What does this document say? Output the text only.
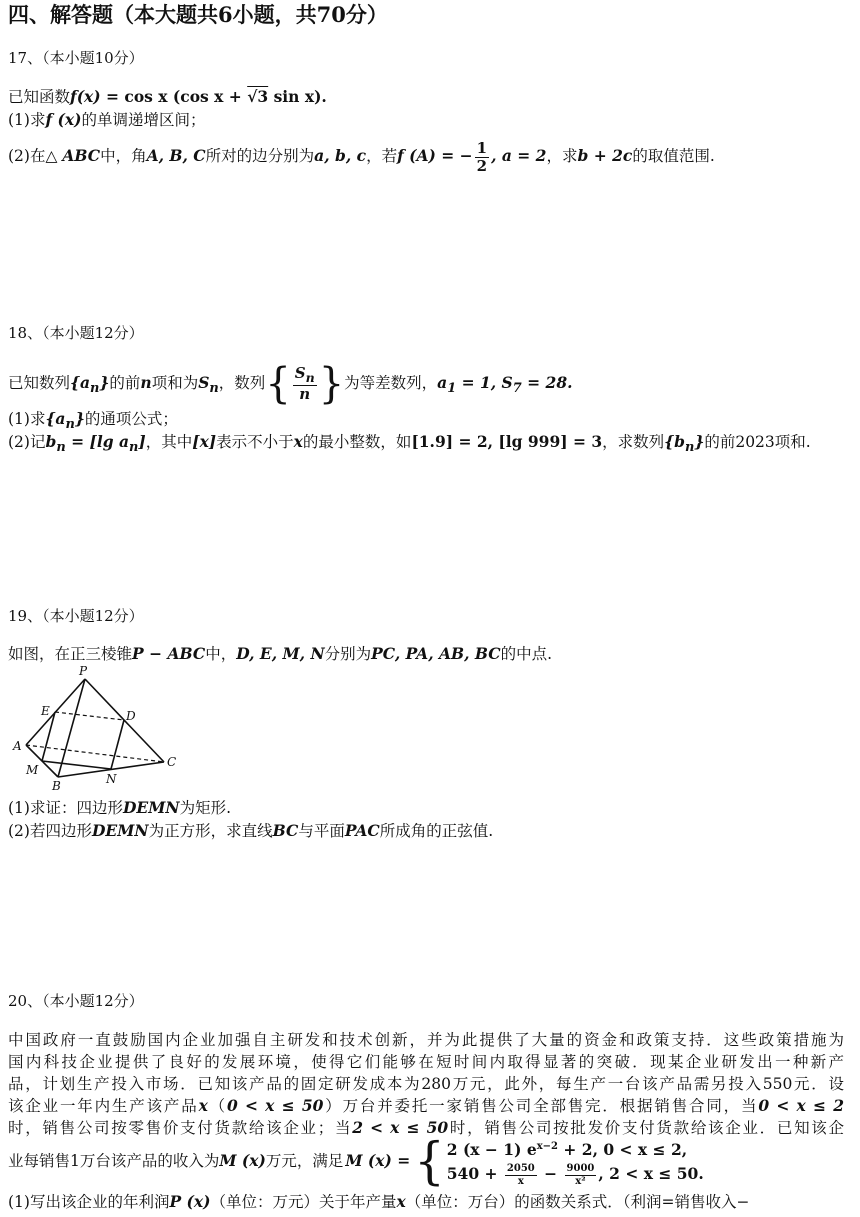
四、解答题（本大题共6小题，共70分）
17、（本小题10分）
已知函数f(x) = cos x (cos x + √3 sin x).
(1)求f (x)的单调递增区间；
(2)在△ ABC中，角A, B, C所对的边分别为a, b, c，若f (A) = − $\frac{1}{2}$ , a = 2，求b + 2c的取值范围.
18、（本小题12分）
已知数列$\{a_n\}$的前n项和为$S_n$，数列{ $\frac{S_n}{n}$ }为等差数列，$a_1 = 1$, $S_7 = 28$.
(1)求$\{a_n\}$的通项公式；
(2)记$b_n = [\lg$ $a_n$]，其中[x]表示不小于x的最小整数，如[1.9] = 2, [lg 999] = 3，求数列$\{b_n\}$的前2023项和.
19、（本小题12分）
如图，在正三棱锥P − ABC中，D, E, M, N分别为PC, PA, AB, BC的中点.
P
E	D
A
M
N
B
C
(1)求证：四边形DEMN为矩形.
(2)若四边形DEMN为正方形，求直线BC与平面PAC所成角的正弦值.
20、（本小题12分）
中国政府一直鼓励国内企业加强自主研发和技术创新，并为此提供了大量的资金和政策支持．这些政策措施为
国内科技企业提供了良好的发展环境，使得它们能够在短时间内取得显著的突破．现某企业研发出一种新产
品，计划生产投入市场．已知该产品的固定研发成本为280万元，此外，每生产一台该产品需另投入550元．设
该企业一年内生产该产品x（0 < x ≤ 50）万台并委托一家销售公司全部售完．根据销售合同，当0 < x ≤ 2
时，销售公司按零售价支付货款给该企业；当2 < x ≤ 50时，销售公司按批发价支付货款给该企业．已知该企
业每销售1万台该产品的收入为 M (x) 万元，满足 M (x) = { 2 (x − 1) $e^{x-2} + 2$, 0 < x ≤ 2,
$540 + \frac{2050}{x} - \frac{9000}{\text{x²}}$ , 2 < x ≤ 50.
(1)写出该企业的年利润P (x)（单位：万元）关于年产量x（单位：万台）的函数关系式．（利润=销售收入−
